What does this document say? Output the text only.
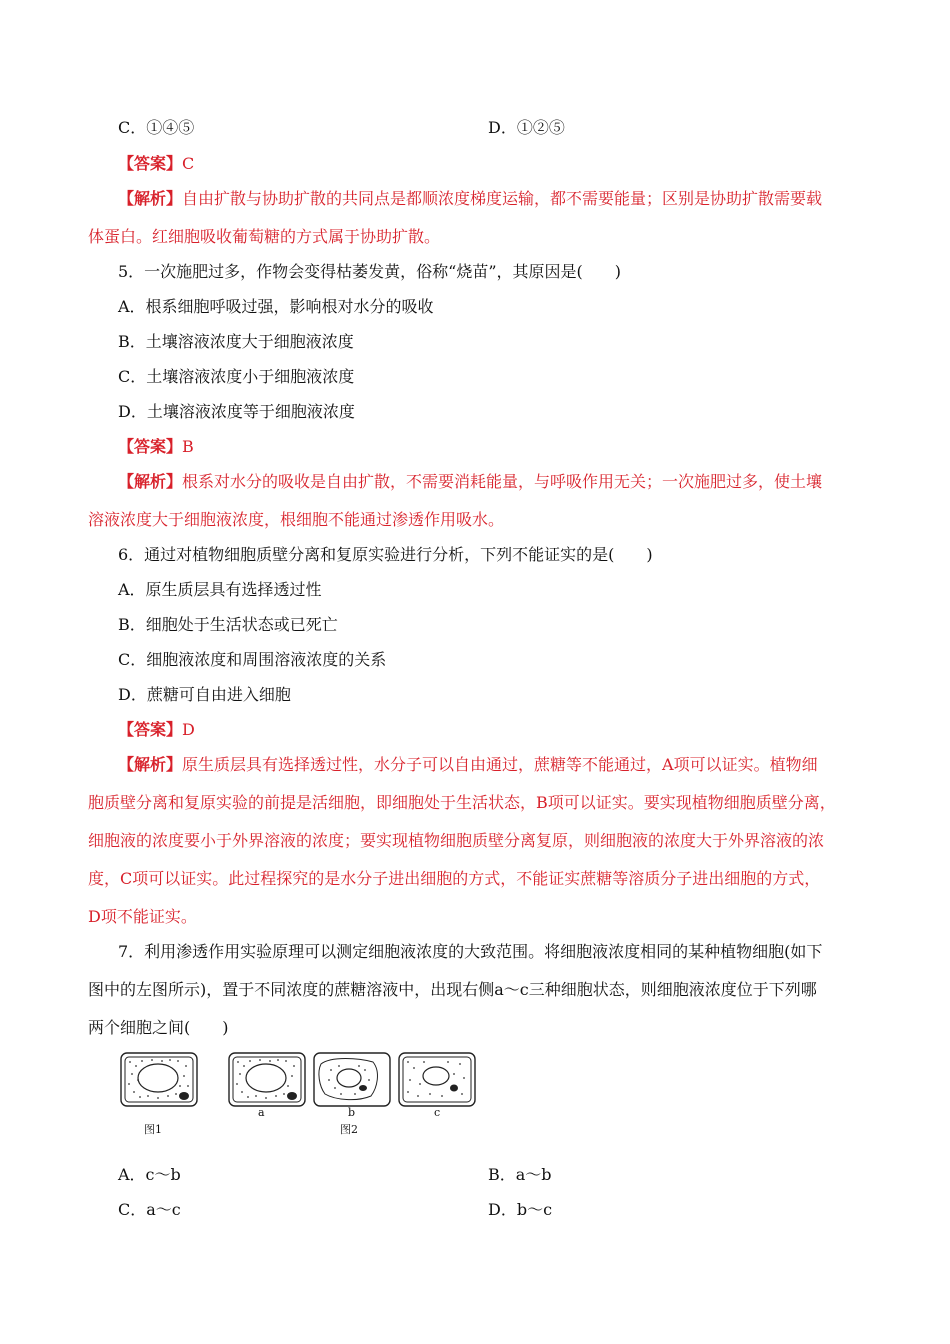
C．①④⑤	D．①②⑤
【答案】C
【解析】自由扩散与协助扩散的共同点是都顺浓度梯度运输，都不需要能量；区别是协助扩散需要载
体蛋白。红细胞吸收葡萄糖的方式属于协助扩散。
5．一次施肥过多，作物会变得枯萎发黄，俗称“烧苗”，其原因是(　　)
A．根系细胞呼吸过强，影响根对水分的吸收
B．土壤溶液浓度大于细胞液浓度
C．土壤溶液浓度小于细胞液浓度
D．土壤溶液浓度等于细胞液浓度
【答案】B
【解析】根系对水分的吸收是自由扩散，不需要消耗能量，与呼吸作用无关；一次施肥过多，使土壤
溶液浓度大于细胞液浓度，根细胞不能通过渗透作用吸水。
6．通过对植物细胞质壁分离和复原实验进行分析，下列不能证实的是(　　)
A．原生质层具有选择透过性
B．细胞处于生活状态或已死亡
C．细胞液浓度和周围溶液浓度的关系
D．蔗糖可自由进入细胞
【答案】D
【解析】原生质层具有选择透过性，水分子可以自由通过，蔗糖等不能通过，A项可以证实。植物细
胞质壁分离和复原实验的前提是活细胞，即细胞处于生活状态，B项可以证实。要实现植物细胞质壁分离，
细胞液的浓度要小于外界溶液的浓度；要实现植物细胞质壁分离复原，则细胞液的浓度大于外界溶液的浓
度，C项可以证实。此过程探究的是水分子进出细胞的方式，不能证实蔗糖等溶质分子进出细胞的方式，
D项不能证实。
7．利用渗透作用实验原理可以测定细胞液浓度的大致范围。将细胞液浓度相同的某种植物细胞(如下
图中的左图所示)，置于不同浓度的蔗糖溶液中，出现右侧a～c三种细胞状态，则细胞液浓度位于下列哪
两个细胞之间(　　)
a	b	c
图1	图2
A．c～b	B．a～b
C．a～c	D．b～c
